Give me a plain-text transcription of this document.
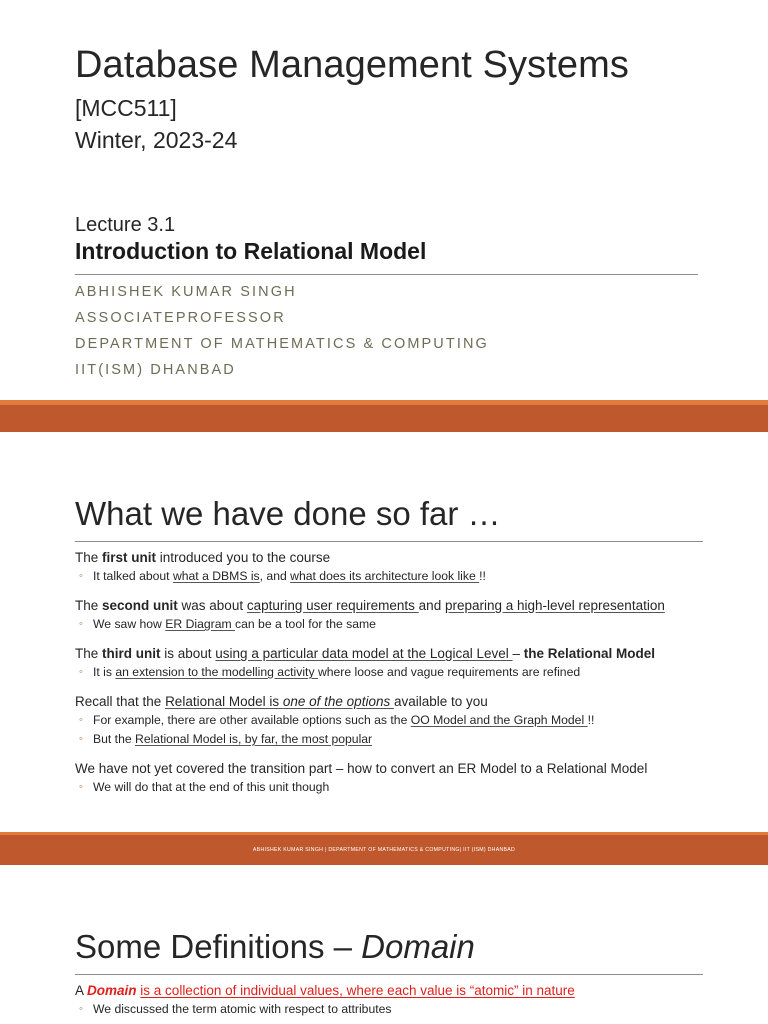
Database Management Systems
[MCC511]
Winter, 2023-24
Lecture 3.1
Introduction to Relational Model
ABHISHEK KUMAR SINGH
ASSOCIATEPROFESSOR
DEPARTMENT OF MATHEMATICS & COMPUTING
IIT(ISM) DHANBAD
What we have done so far …
The first unit introduced you to the course
◦ It talked about what a DBMS is, and what does its architecture look like !!
The second unit was about capturing user requirements and preparing a high-level representation
◦ We saw how ER Diagram can be a tool for the same
The third unit is about using a particular data model at the Logical Level – the Relational Model
◦ It is an extension to the modelling activity where loose and vague requirements are refined
Recall that the Relational Model is one of the options available to you
◦ For example, there are other available options such as the OO Model and the Graph Model !!
◦ But the Relational Model is, by far, the most popular
We have not yet covered the transition part – how to convert an ER Model to a Relational Model
◦ We will do that at the end of this unit though
ABHISHEK KUMAR SINGH | DEPARTMENT OF MATHEMATICS & COMPUTING| IIT (ISM) DHANBAD
Some Definitions – Domain
A Domain is a collection of individual values, where each value is “atomic” in nature
◦ We discussed the term atomic with respect to attributes
